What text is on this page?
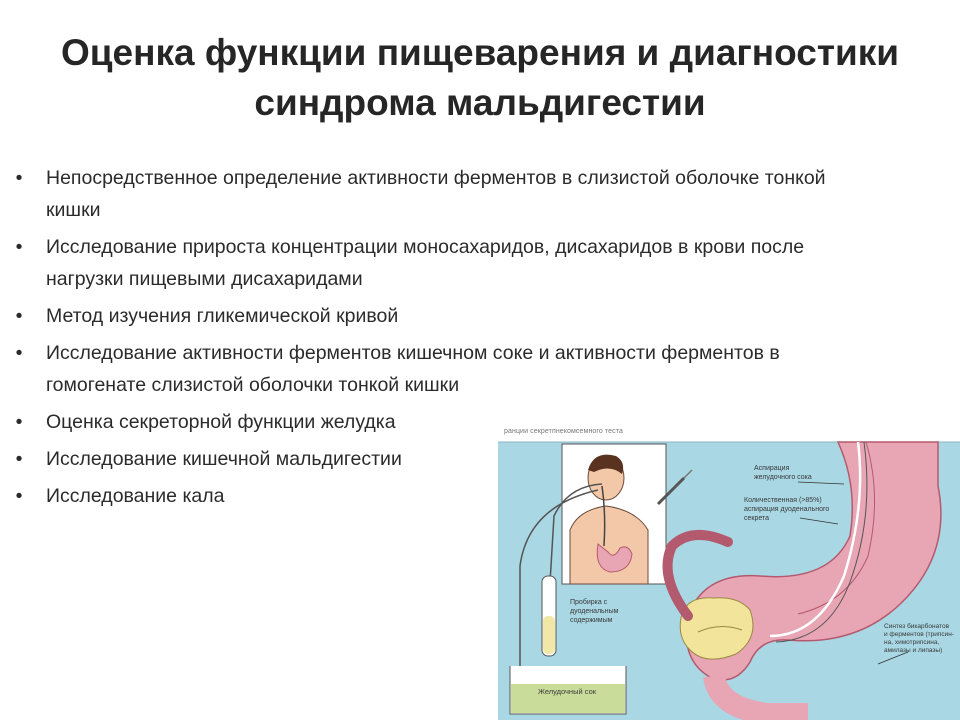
Оценка функции пищеварения и диагностики синдрома мальдигестии
• Непосредственное определение активности ферментов в слизистой оболочке тонкой кишки
• Исследование прироста концентрации моносахаридов, дисахаридов в крови после нагрузки пищевыми дисахаридами
• Метод изучения гликемической кривой
• Исследование активности ферментов кишечном соке и активности ферментов в гомогенате слизистой оболочки тонкой кишки
• Оценка секреторной функции желудка
• Исследование кишечной мальдигестии
• Исследование кала
Аспирация желудочного сока
Количественная (>85%) аспирация дуоденального секрета
Пробирка с дуоденальным содержимым
Желудочный сок
Синтез бикарбонатов и ферментов (трипсин- на, химотрипсина, амилазы и липазы)
ранции секретпнекомсемного теста
